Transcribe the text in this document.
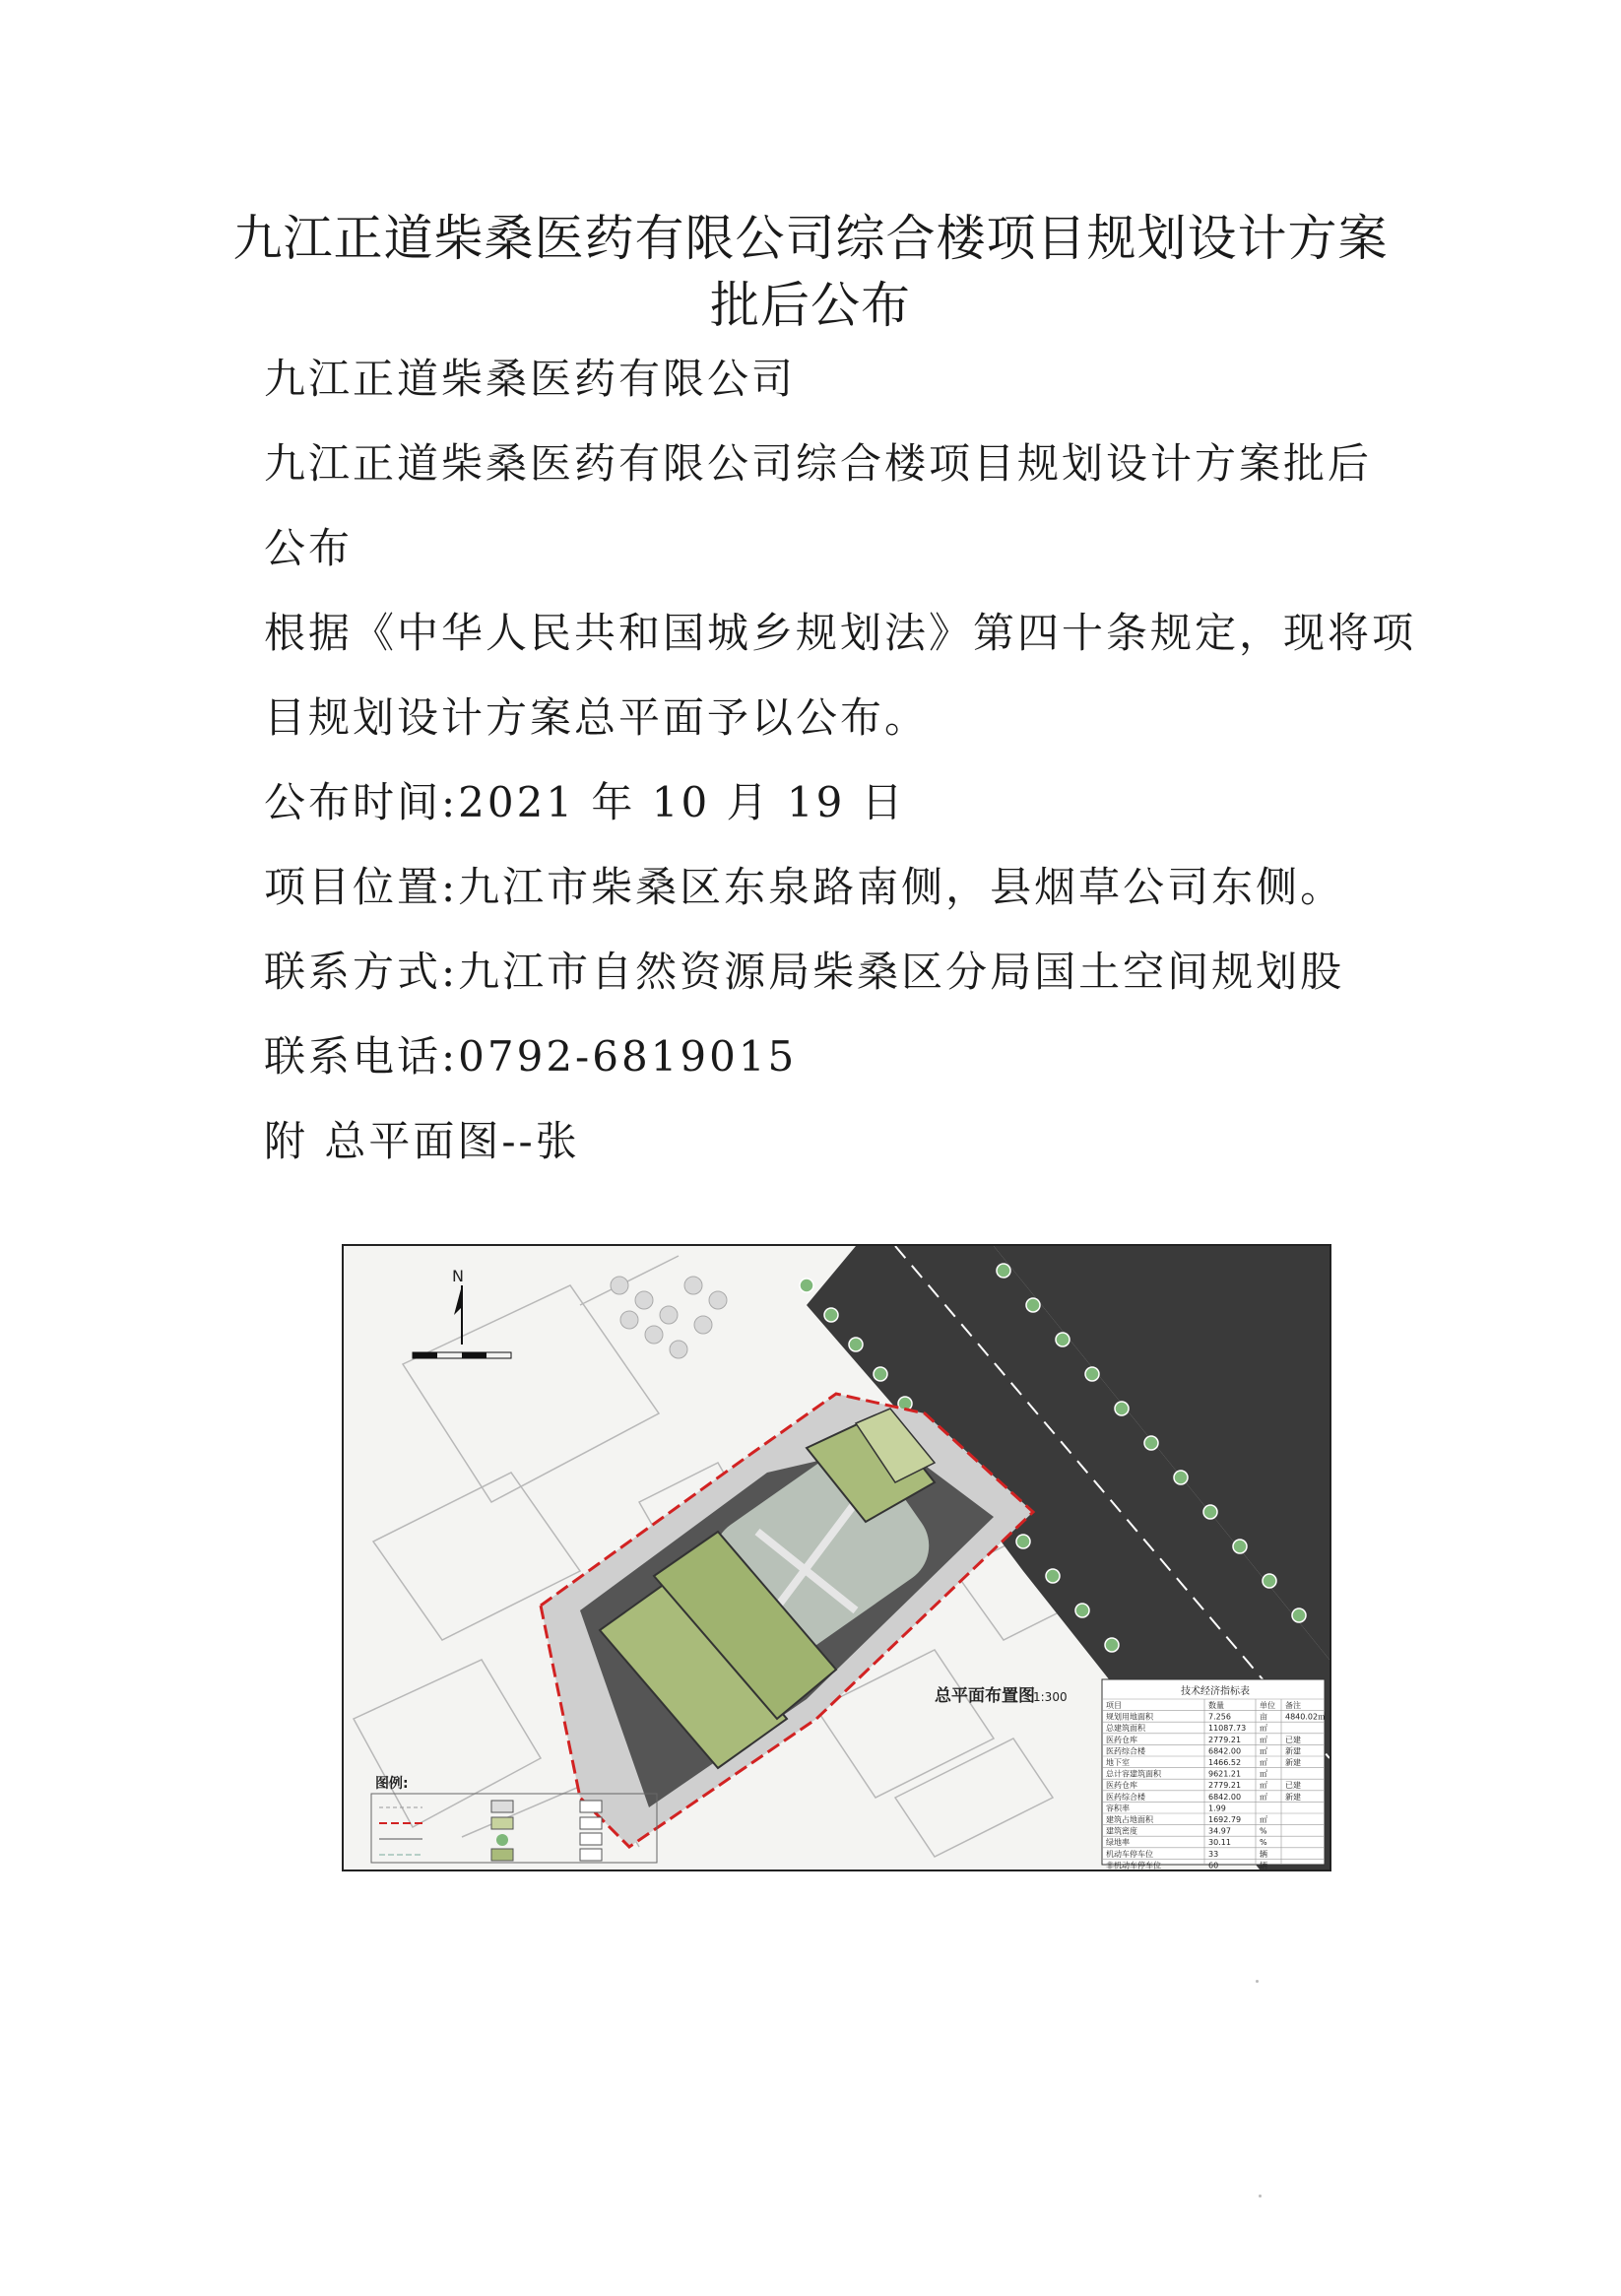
九江正道柴桑医药有限公司综合楼项目规划设计方案
批后公布
九江正道柴桑医药有限公司
九江正道柴桑医药有限公司综合楼项目规划设计方案批后
公布
根据《中华人民共和国城乡规划法》第四十条规定，现将项
目规划设计方案总平面予以公布。
公布时间:2021 年 10 月 19 日
项目位置:九江市柴桑区东泉路南侧，县烟草公司东侧。
联系方式:九江市自然资源局柴桑区分局国土空间规划股
联系电话:0792-6819015
附 总平面图--张
N
总平面布置图
1:300
图例:
技术经济指标表
项目	数量	单位 备注
规划用地面积	7.256	亩 4840.02㎡
总建筑面积	11087.73 ㎡
医药仓库	2779.21 ㎡ 已建
医药综合楼	6842.00 ㎡ 新建
地下室	1466.52 ㎡ 新建
总计容建筑面积	9621.21 ㎡
医药仓库	2779.21 ㎡ 已建
医药综合楼	6842.00 ㎡ 新建
容积率	1.99
建筑占地面积	1692.79 ㎡
建筑密度	34.97	%
绿地率	30.11	%
机动车停车位	33	辆
非机动车停车位	60	辆
